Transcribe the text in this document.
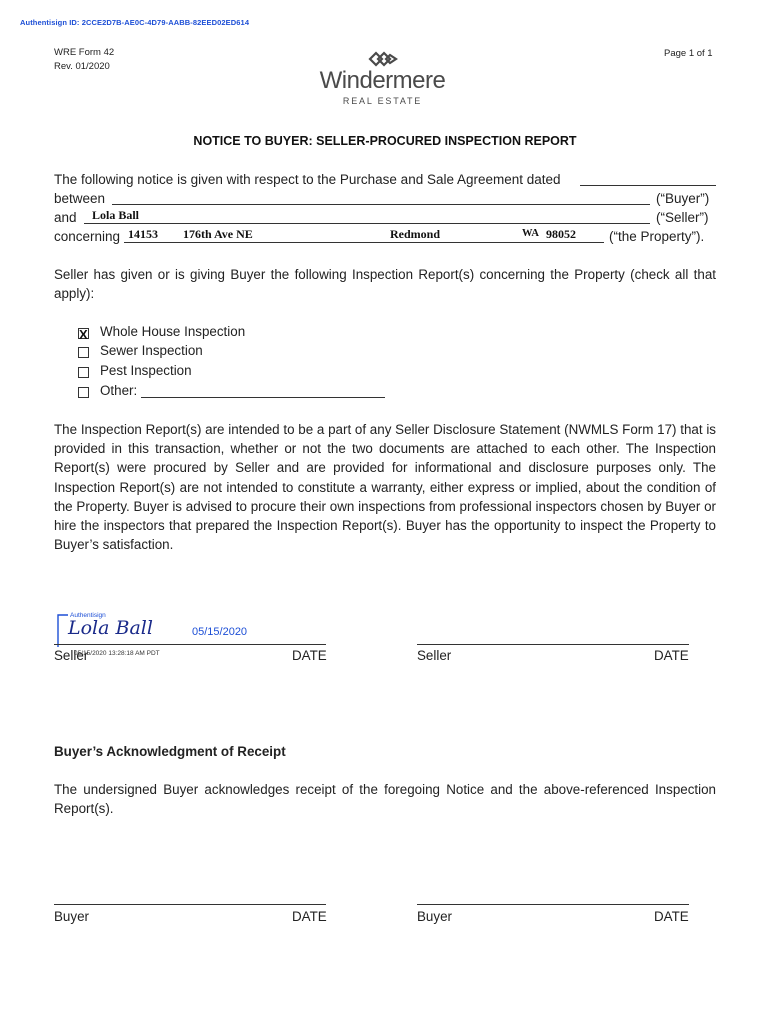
Authentisign ID: 2CCE2D7B-AE0C-4D79-AABB-82EED02ED614
WRE Form 42
Rev. 01/2020
Page 1 of 1
Windermere
REAL ESTATE
NOTICE TO BUYER: SELLER-PROCURED INSPECTION REPORT
The following notice is given with respect to the Purchase and Sale Agreement dated
between	(“Buyer”)
and Lola Ball	(“Seller”)
concerning 14153 176th Ave NE	Redmond	WA 98052 (“the Property”).
Seller has given or is giving Buyer the following Inspection Report(s) concerning the Property (check all that apply):
X Whole House Inspection
Sewer Inspection
Pest Inspection
Other:
The Inspection Report(s) are intended to be a part of any Seller Disclosure Statement (NWMLS Form 17) that is provided in this transaction, whether or not the two documents are attached to each other. The Inspection Report(s) were procured by Seller and are provided for informational and disclosure purposes only. The Inspection Report(s) are not intended to constitute a warranty, either express or implied, about the condition of the Property. Buyer is advised to procure their own inspections from professional inspectors chosen by Buyer or hire the inspectors that prepared the Inspection Report(s). Buyer has the opportunity to inspect the Property to Buyer’s satisfaction.
Authentisign
Lola Ball	05/15/2020
05/15/2020 13:28:18 AM PDT
Seller	DATE	Seller	DATE
Buyer’s Acknowledgment of Receipt
The undersigned Buyer acknowledges receipt of the foregoing Notice and the above-referenced Inspection Report(s).
Buyer	DATE	Buyer	DATE
